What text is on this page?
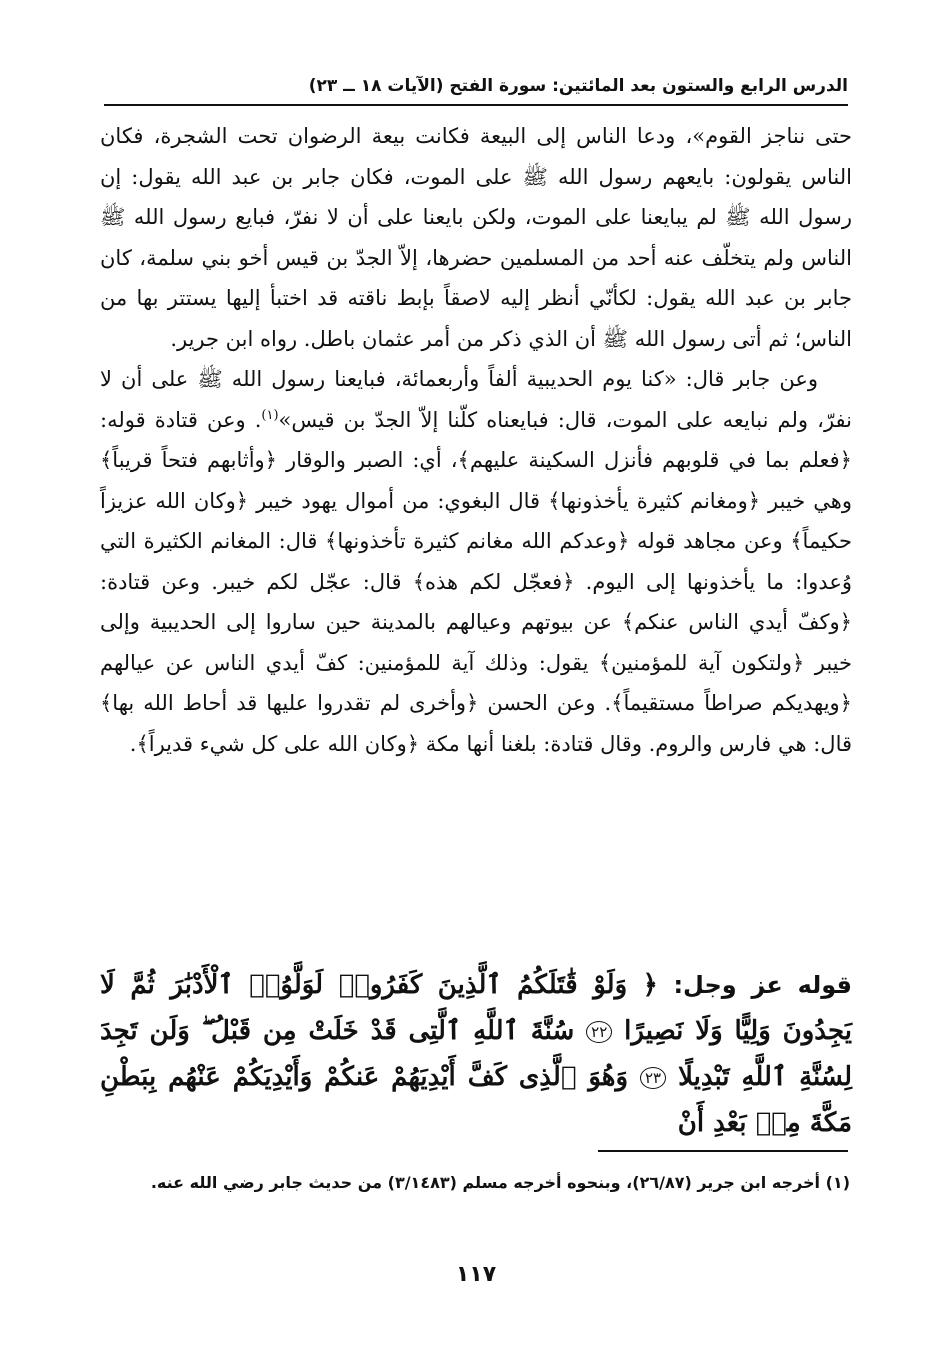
الدرس الرابع والستون بعد المائتين: سورة الفتح (الآيات ١٨ ــ ٢٣)

حتى نناجز القوم»، ودعا الناس إلى البيعة فكانت بيعة الرضوان تحت الشجرة، فكان الناس يقولون: بايعهم رسول الله ﷺ على الموت، فكان جابر بن عبد الله يقول: إن رسول الله ﷺ لم يبايعنا على الموت، ولكن بايعنا على أن لا نفرّ، فبايع رسول الله ﷺ الناس ولم يتخلّف عنه أحد من المسلمين حضرها، إلاّ الجدّ بن قيس أخو بني سلمة، كان جابر بن عبد الله يقول: لكأنّي أنظر إليه لاصقاً بإبط ناقته قد اختبأ إليها يستتر بها من الناس؛ ثم أتى رسول الله ﷺ أن الذي ذكر من أمر عثمان باطل. رواه ابن جرير.

وعن جابر قال: «كنا يوم الحديبية ألفاً وأربعمائة، فبايعنا رسول الله ﷺ على أن لا نفرّ، ولم نبايعه على الموت، قال: فبايعناه كلّنا إلاّ الجدّ بن قيس»$^{(١)}$. وعن قتادة قوله: ﴿فعلم بما في قلوبهم فأنزل السكينة عليهم﴾، أي: الصبر والوقار ﴿وأثابهم فتحاً قريباً﴾ وهي خيبر ﴿ومغانم كثيرة يأخذونها﴾ قال البغوي: من أموال يهود خيبر ﴿وكان الله عزيزاً حكيماً﴾ وعن مجاهد قوله ﴿وعدكم الله مغانم كثيرة تأخذونها﴾ قال: المغانم الكثيرة التي وُعدوا: ما يأخذونها إلى اليوم. ﴿فعجّل لكم هذه﴾ قال: عجّل لكم خيبر. وعن قتادة: ﴿وكفّ أيدي الناس عنكم﴾ عن بيوتهم وعيالهم بالمدينة حين ساروا إلى الحديبية وإلى خيبر ﴿ولتكون آية للمؤمنين﴾ يقول: وذلك آية للمؤمنين: كفّ أيدي الناس عن عيالهم ﴿ويهديكم صراطاً مستقيماً﴾. وعن الحسن ﴿وأخرى لم تقدروا عليها قد أحاط الله بها﴾ قال: هي فارس والروم. وقال قتادة: بلغنا أنها مكة ﴿وكان الله على كل شيء قديراً﴾.

قوله عز وجل: ﴿ وَلَوْ قَٰتَلَكُمُ ٱلَّذِينَ كَفَرُوا۟ لَوَلَّوُا۟ ٱلْأَدْبَٰرَ ثُمَّ لَا يَجِدُونَ وَلِيًّا وَلَا نَصِيرًا ٢٢ سُنَّةَ ٱللَّهِ ٱلَّتِى قَدْ خَلَتْ مِن قَبْلُ ۖ وَلَن تَجِدَ لِسُنَّةِ ٱللَّهِ تَبْدِيلًا ٢٣ وَهُوَ ٱلَّذِى كَفَّ أَيْدِيَهُمْ عَنكُمْ وَأَيْدِيَكُمْ عَنْهُم بِبَطْنِ مَكَّةَ مِنۢ بَعْدِ أَنْ
(١) أخرجه ابن جرير (٢٦/٨٧)، وبنحوه أخرجه مسلم (٣/١٤٨٣) من حديث جابر رضي الله عنه.
١١٧
